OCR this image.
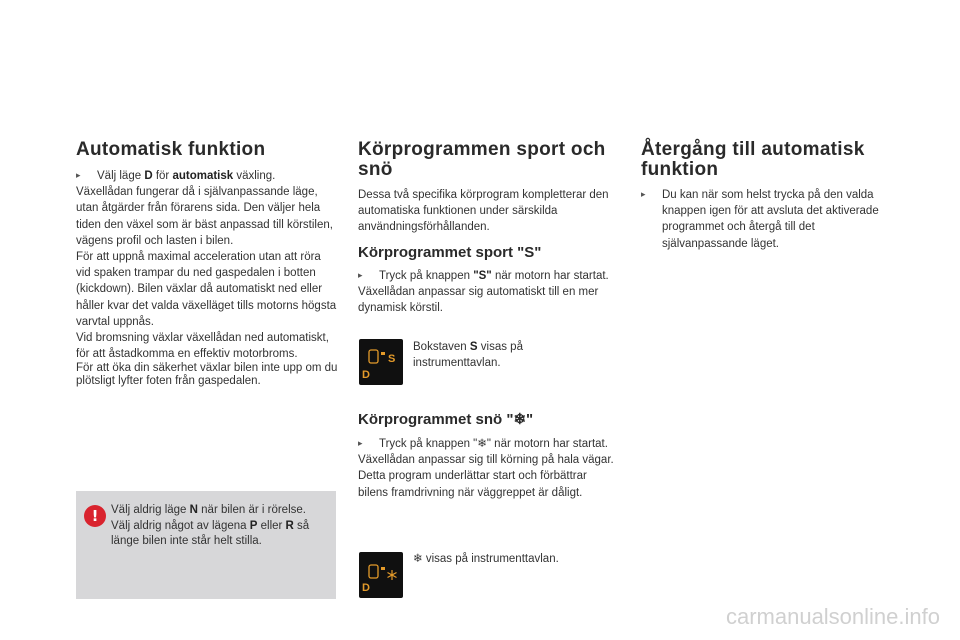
Automatisk funktion
▸ Välj läge D för automatisk växling.
Växellådan fungerar då i självanpassande läge, utan åtgärder från förarens sida. Den väljer hela tiden den växel som är bäst anpassad till körstilen, vägens profil och lasten i bilen.
För att uppnå maximal acceleration utan att röra vid spaken trampar du ned gaspedalen i botten (kickdown). Bilen växlar då automatiskt ned eller håller kvar det valda växelläget tills motorns högsta varvtal uppnås.
Vid bromsning växlar växellådan ned automatiskt, för att åstadkomma en effektiv motorbroms.
För att öka din säkerhet växlar bilen inte upp om du plötsligt lyfter foten från gaspedalen.
!	Välj aldrig läge N när bilen är i rörelse.
Välj aldrig något av lägena P eller R så länge bilen inte står helt stilla.
Körprogrammen sport och snö
Dessa två specifika körprogram kompletterar den automatiska funktionen under särskilda användningsförhållanden.
Körprogrammet sport "S"
▸ Tryck på knappen "S" när motorn har startat.
Växellådan anpassar sig automatiskt till en mer dynamisk körstil.
S
D
Bokstaven S visas på instrumenttavlan.
Körprogrammet snö "❄"
▸ Tryck på knappen "❄" när motorn har startat.
Växellådan anpassar sig till körning på hala vägar.
Detta program underlättar start och förbättrar bilens framdrivning när väggreppet är dåligt.
D
❄ visas på instrumenttavlan.
Återgång till automatisk funktion
▸ Du kan när som helst trycka på den valda knappen igen för att avsluta det aktiverade programmet och återgå till det självanpassande läget.
carmanualsonline.info
